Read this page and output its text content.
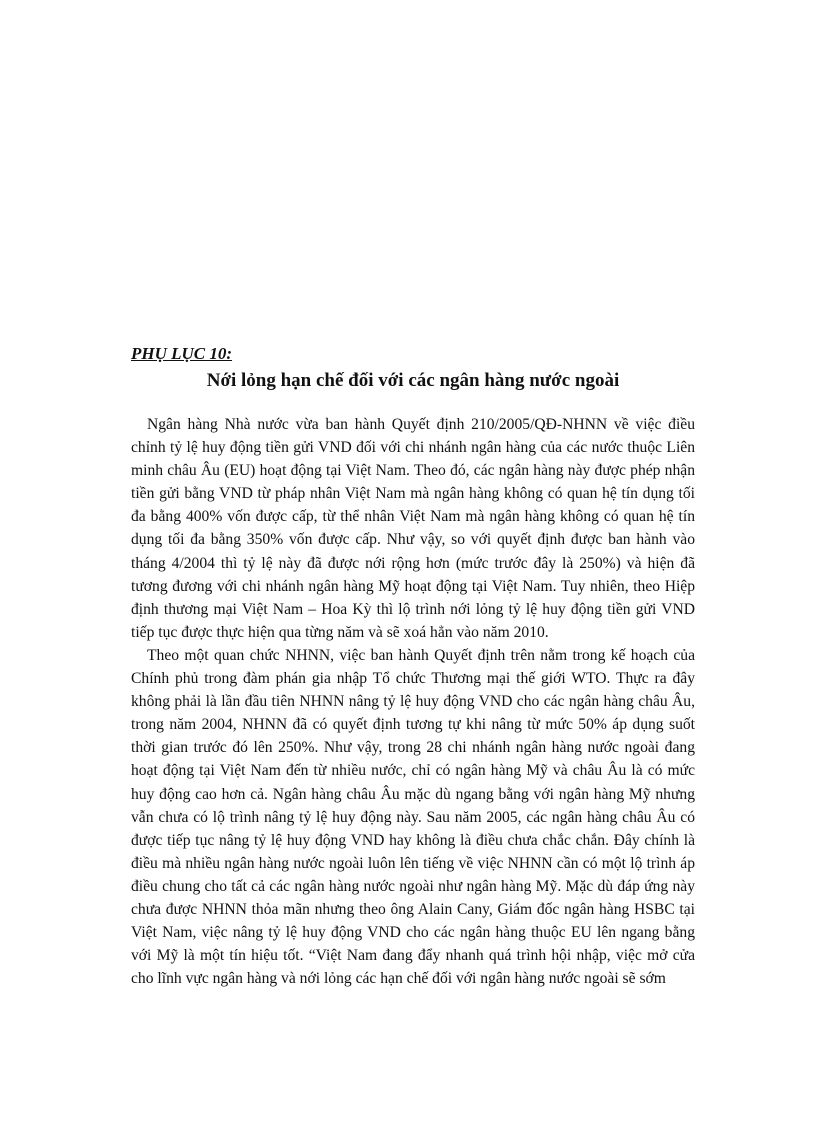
PHỤ LỤC 10:

Nới lỏng hạn chế đối với các ngân hàng nước ngoài

Ngân hàng Nhà nước vừa ban hành Quyết định 210/2005/QĐ-NHNN về việc điều chỉnh tỷ lệ huy động tiền gửi VND đối với chi nhánh ngân hàng của các nước thuộc Liên minh châu Âu (EU) hoạt động tại Việt Nam. Theo đó, các ngân hàng này được phép nhận tiền gửi bằng VND từ pháp nhân Việt Nam mà ngân hàng không có quan hệ tín dụng tối đa bằng 400% vốn được cấp, từ thể nhân Việt Nam mà ngân hàng không có quan hệ tín dụng tối đa bằng 350% vốn được cấp. Như vậy, so với quyết định được ban hành vào tháng 4/2004 thì tỷ lệ này đã được nới rộng hơn (mức trước đây là 250%) và hiện đã tương đương với chi nhánh ngân hàng Mỹ hoạt động tại Việt Nam. Tuy nhiên, theo Hiệp định thương mại Việt Nam – Hoa Kỳ thì lộ trình nới lỏng tỷ lệ huy động tiền gửi VND tiếp tục được thực hiện qua từng năm và sẽ xoá hẳn vào năm 2010.

Theo một quan chức NHNN, việc ban hành Quyết định trên nằm trong kế hoạch của Chính phủ trong đàm phán gia nhập Tổ chức Thương mại thế giới WTO. Thực ra đây không phải là lần đầu tiên NHNN nâng tỷ lệ huy động VND cho các ngân hàng châu Âu, trong năm 2004, NHNN đã có quyết định tương tự khi nâng từ mức 50% áp dụng suốt thời gian trước đó lên 250%. Như vậy, trong 28 chi nhánh ngân hàng nước ngoài đang hoạt động tại Việt Nam đến từ nhiều nước, chỉ có ngân hàng Mỹ và châu Âu là có mức huy động cao hơn cả. Ngân hàng châu Âu mặc dù ngang bằng với ngân hàng Mỹ nhưng vẫn chưa có lộ trình nâng tỷ lệ huy động này. Sau năm 2005, các ngân hàng châu Âu có được tiếp tục nâng tỷ lệ huy động VND hay không là điều chưa chắc chắn. Đây chính là điều mà nhiều ngân hàng nước ngoài luôn lên tiếng về việc NHNN cần có một lộ trình áp điều chung cho tất cả các ngân hàng nước ngoài như ngân hàng Mỹ. Mặc dù đáp ứng này chưa được NHNN thỏa mãn nhưng theo ông Alain Cany, Giám đốc ngân hàng HSBC tại Việt Nam, việc nâng tỷ lệ huy động VND cho các ngân hàng thuộc EU lên ngang bằng với Mỹ là một tín hiệu tốt. “Việt Nam đang đẩy nhanh quá trình hội nhập, việc mở cửa cho lĩnh vực ngân hàng và nới lỏng các hạn chế đối với ngân hàng nước ngoài sẽ sớm
